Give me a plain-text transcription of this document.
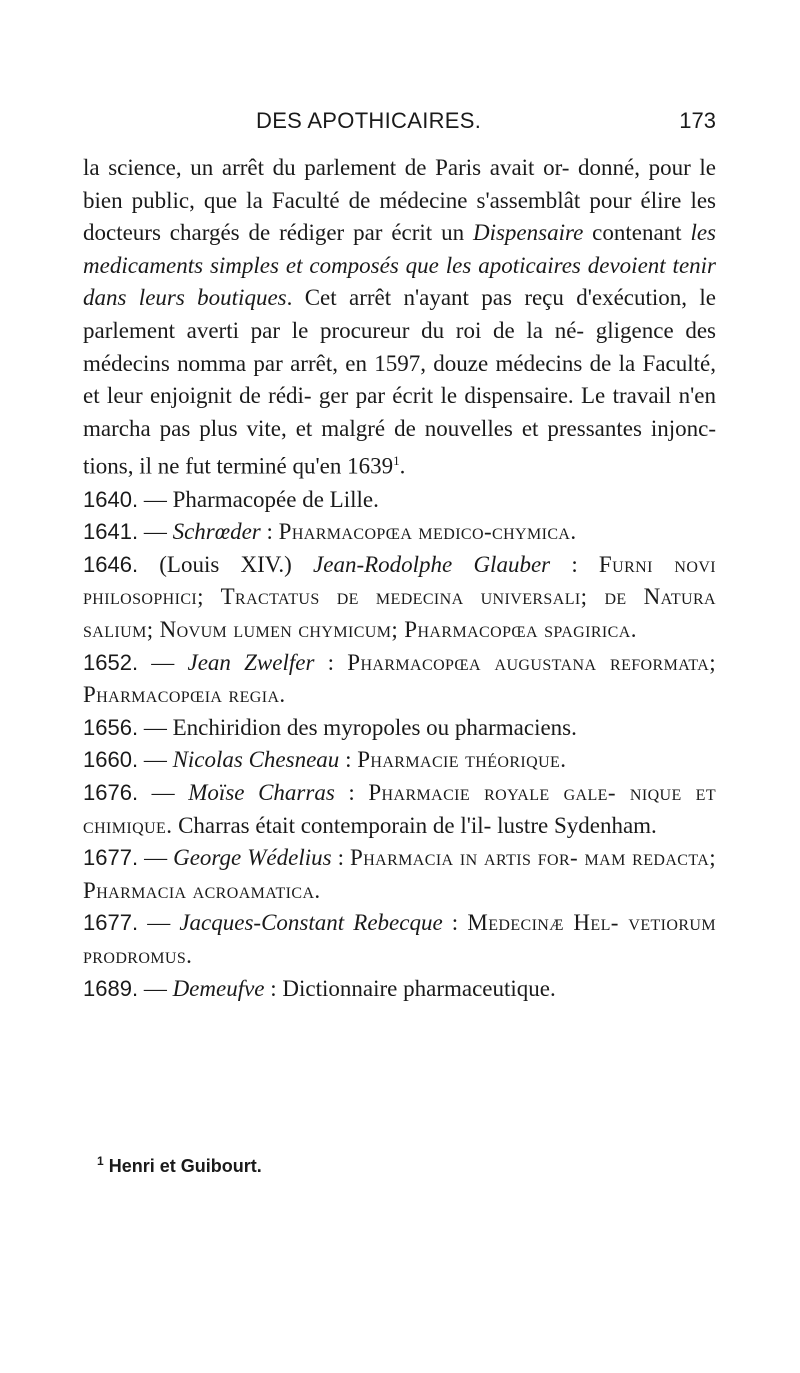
DES APOTHICAIRES.	173

la science, un arrêt du parlement de Paris avait or- donné, pour le bien public, que la Faculté de médecine s'assemblât pour élire les docteurs chargés de rédiger par écrit un Dispensaire contenant les medicaments simples et composés que les apoticaires devoient tenir dans leurs boutiques. Cet arrêt n'ayant pas reçu d'exécution, le parlement averti par le procureur du roi de la né- gligence des médecins nomma par arrêt, en 1597, douze médecins de la Faculté, et leur enjoignit de rédi- ger par écrit le dispensaire. Le travail n'en marcha pas plus vite, et malgré de nouvelles et pressantes injonc- tions, il ne fut terminé qu'en 1639$^1$.

1640. — Pharmacopée de Lille.

1641. — Schrœder : Pharmacopœa medico-chymica.

1646. (Louis XIV.) Jean-Rodolphe Glauber : Furni novi philosophici; Tractatus de medecina universali; de Natura salium; Novum lumen chymicum; Pharmacopœa spagirica.

1652. — Jean Zwelfer : Pharmacopœa augustana reformata; Pharmacopœia regia.

1656. — Enchiridion des myropoles ou pharmaciens.

1660. — Nicolas Chesneau : Pharmacie théorique.

1676. — Moïse Charras : Pharmacie royale gale- nique et chimique. Charras était contemporain de l'il- lustre Sydenham.

1677. — George Wédelius : Pharmacia in artis for- mam redacta; Pharmacia acroamatica.

1677. — Jacques-Constant Rebecque : Medecinæ Hel- vetiorum prodromus.

1689. — Demeufve : Dictionnaire pharmaceutique.

$^1$ Henri et Guibourt.
